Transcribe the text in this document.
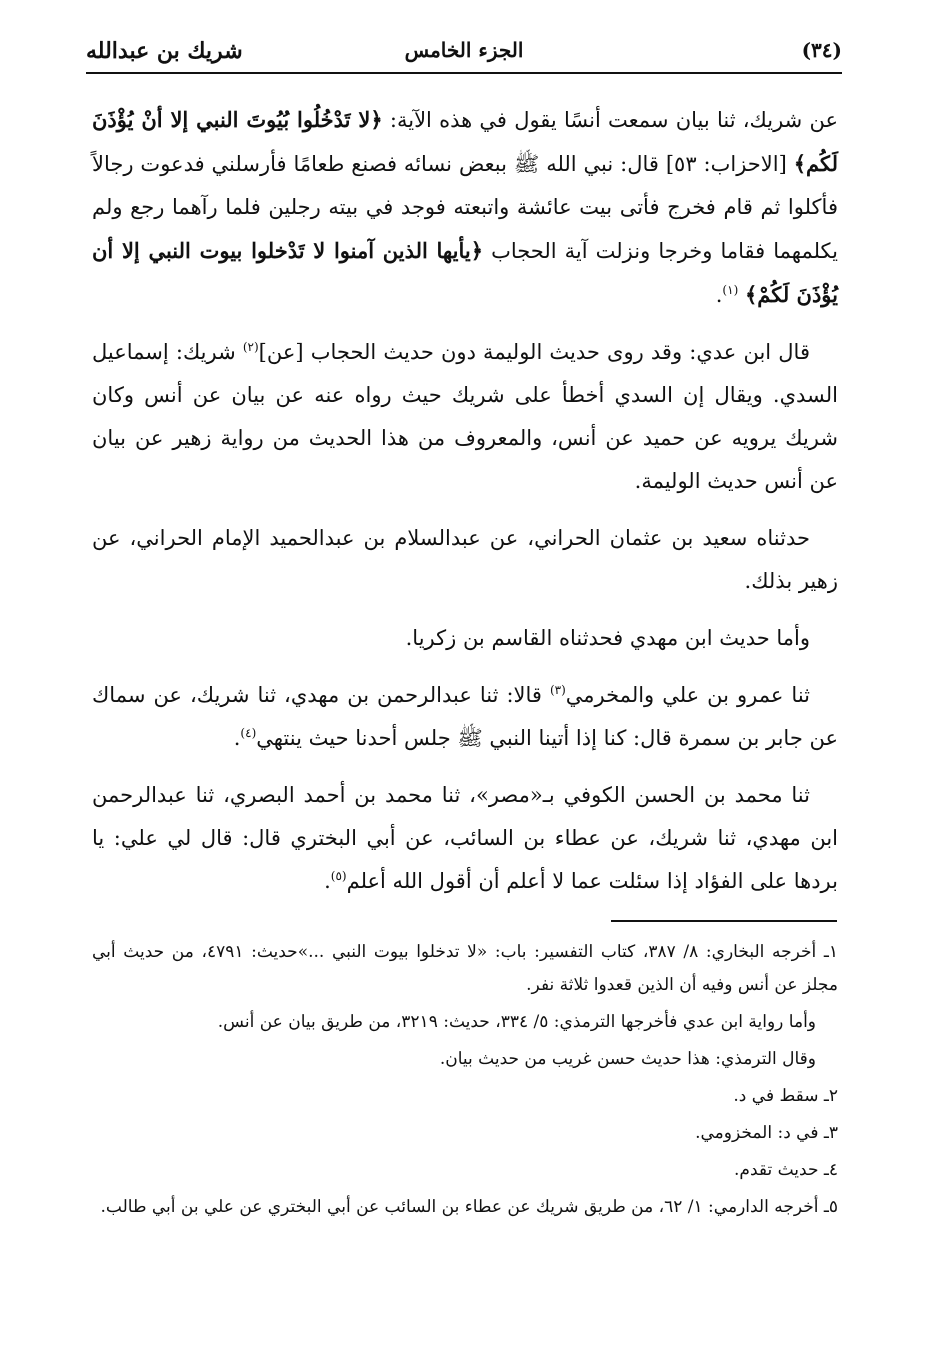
(٣٤)
الجزء الخامس
شريك بن عبدالله

عن شريك، ثنا بيان سمعت أنسًا يقول في هذه الآية: ﴿لا تَدْخُلُوا بُيُوتَ النبي إلا أنْ يُؤْذَنَ لَكُم﴾ [الاحزاب: ٥٣] قال: نبي الله ﷺ ببعض نسائه فصنع طعامًا فأرسلني فدعوت رجالاً فأكلوا ثم قام فخرج فأتى بيت عائشة واتبعته فوجد في بيته رجلين فلما رآهما رجع ولم يكلمهما فقاما وخرجا ونزلت آية الحجاب ﴿يأيها الذين آمنوا لا تَدْخلوا بيوت النبي إلا أن يُؤْذَنَ لَكُمْ﴾ $^{(١)}$.

قال ابن عدي: وقد روى حديث الوليمة دون حديث الحجاب [عن]$^{(٢)}$ شريك: إسماعيل السدي. ويقال إن السدي أخطأ على شريك حيث رواه عنه عن بيان عن أنس وكان شريك يرويه عن حميد عن أنس، والمعروف من هذا الحديث من رواية زهير عن بيان عن أنس حديث الوليمة.

حدثناه سعيد بن عثمان الحراني، عن عبدالسلام بن عبدالحميد الإمام الحراني، عن زهير بذلك.

وأما حديث ابن مهدي فحدثناه القاسم بن زكريا.

ثنا عمرو بن علي والمخرمي$^{(٣)}$ قالا: ثنا عبدالرحمن بن مهدي، ثنا شريك، عن سماك عن جابر بن سمرة قال: كنا إذا أتينا النبي ﷺ جلس أحدنا حيث ينتهي$^{(٤)}$.

ثنا محمد بن الحسن الكوفي بـ«مصر»، ثنا محمد بن أحمد البصري، ثنا عبدالرحمن ابن مهدي، ثنا شريك، عن عطاء بن السائب، عن أبي البختري قال: قال لي علي: يا بردها على الفؤاد إذا سئلت عما لا أعلم أن أقول الله أعلم$^{(٥)}$.

١ـ أخرجه البخاري: ٨/ ٣٨٧، كتاب التفسير: باب: «لا تدخلوا بيوت النبي ...»حديث: ٤٧٩١، من حديث أبي مجلز عن أنس وفيه أن الذين قعدوا ثلاثة نفر.

وأما رواية ابن عدي فأخرجها الترمذي: ٥/ ٣٣٤، حديث: ٣٢١٩، من طريق بيان عن أنس.

وقال الترمذي: هذا حديث حسن غريب من حديث بيان.

٢ـ سقط في د.

٣ـ في د: المخزومي.

٤ـ حديث تقدم.

٥ـ أخرجه الدارمي: ١/ ٦٢، من طريق شريك عن عطاء بن السائب عن أبي البختري عن علي بن أبي طالب.
